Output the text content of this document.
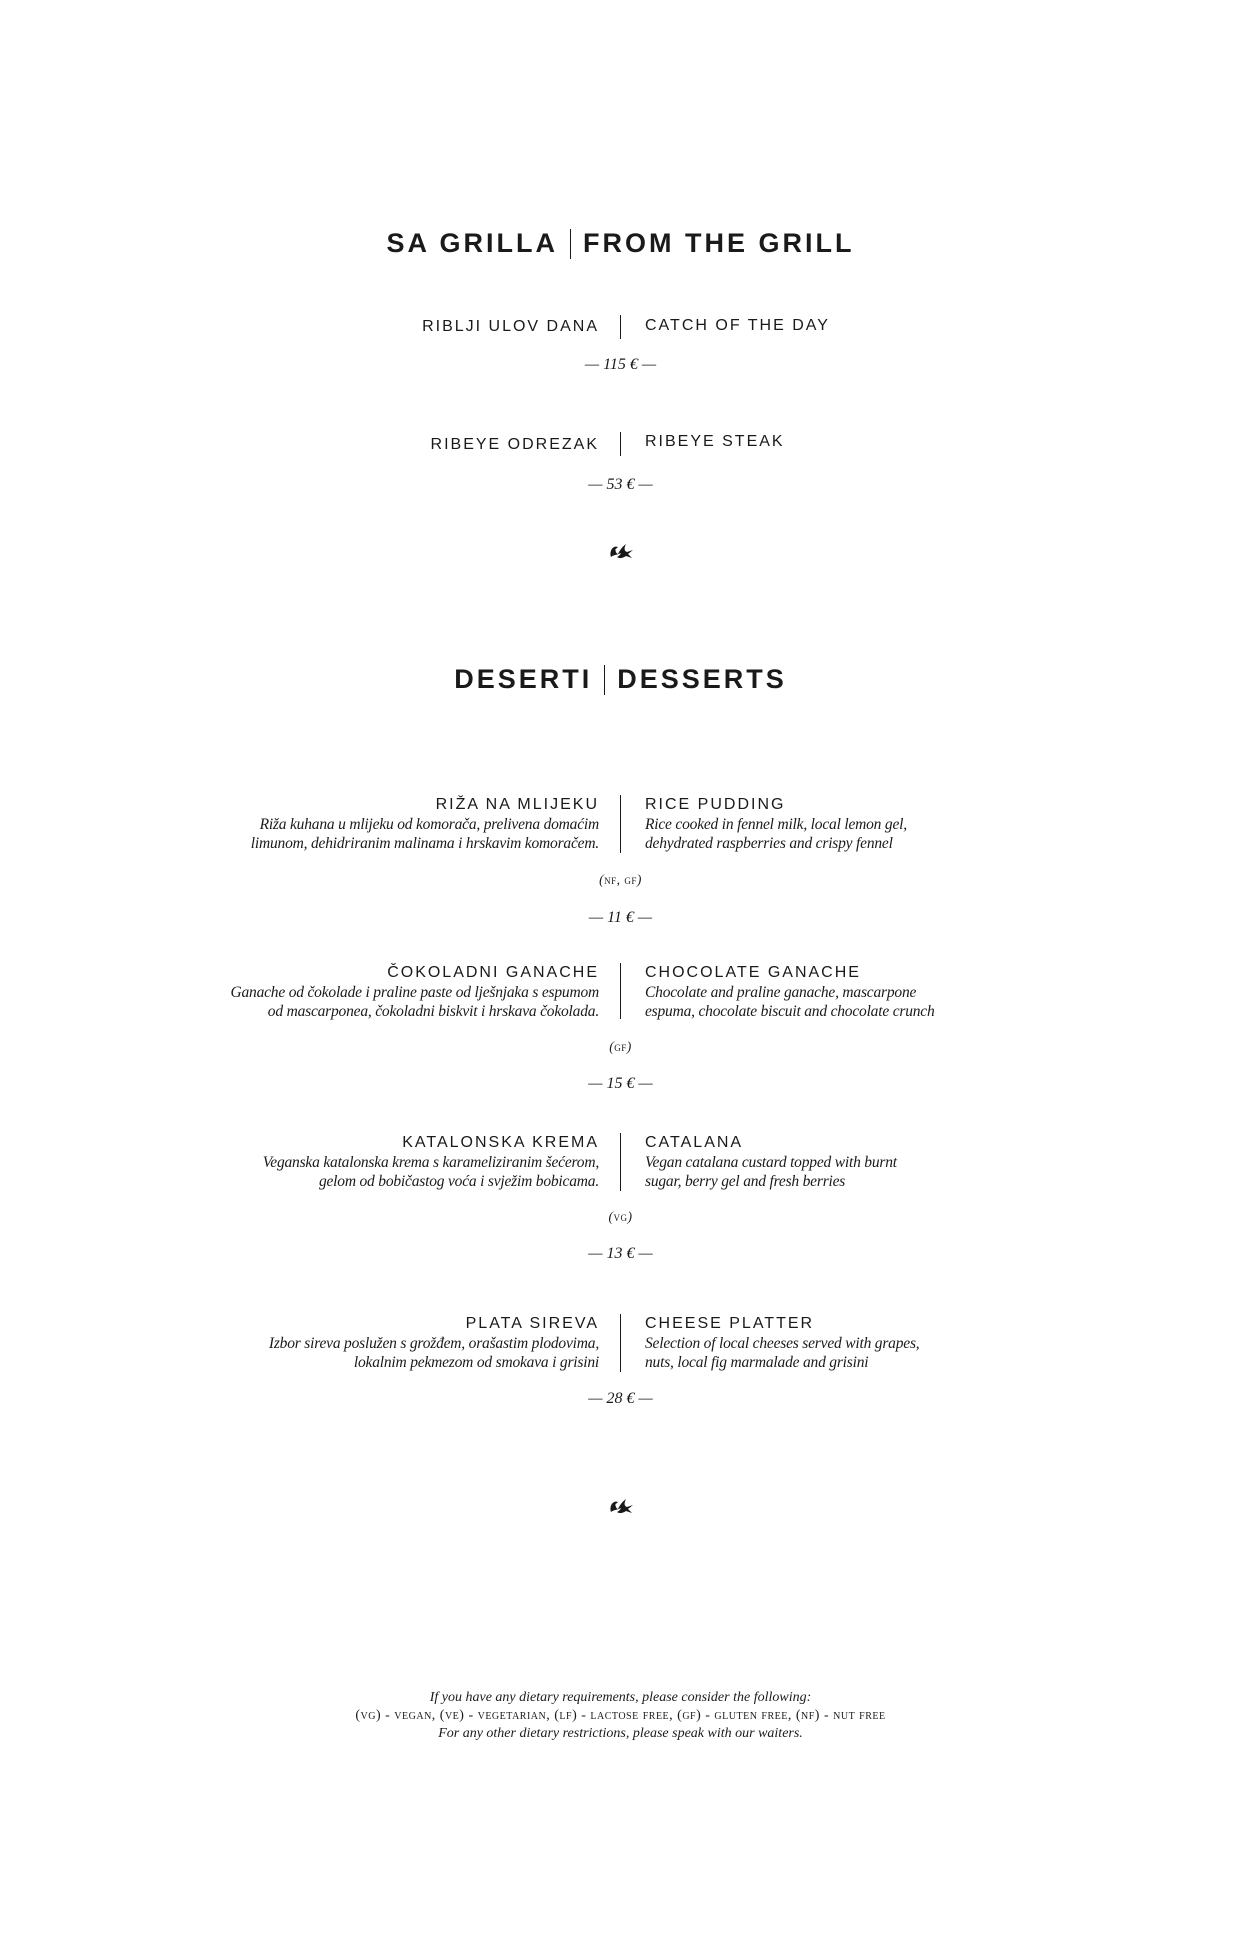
SA GRILLA FROM THE GRILL
RIBLJI ULOV DANA	CATCH OF THE DAY
— 115 € —
RIBEYE ODREZAK	RIBEYE STEAK
— 53 € —
DESERTI DESSERTS
RIŽA NA MLIJEKU
Riža kuhana u mlijeku od komorača, prelivena domaćim
limunom, dehidriranim malinama i hrskavim komoračem.
RICE PUDDING
Rice cooked in fennel milk, local lemon gel,
dehydrated raspberries and crispy fennel
(nf, gf)
— 11 € —
ČOKOLADNI GANACHE
Ganache od čokolade i praline paste od lješnjaka s espumom
od mascarponea, čokoladni biskvit i hrskava čokolada.
CHOCOLATE GANACHE
Chocolate and praline ganache, mascarpone
espuma, chocolate biscuit and chocolate crunch
(gf)
— 15 € —
KATALONSKA KREMA
Veganska katalonska krema s karameliziranim šećerom,
gelom od bobičastog voća i svježim bobicama.
CATALANA
Vegan catalana custard topped with burnt
sugar, berry gel and fresh berries
(vg)
— 13 € —
PLATA SIREVA
Izbor sireva poslužen s grožđem, orašastim plodovima,
lokalnim pekmezom od smokava i grisini
CHEESE PLATTER
Selection of local cheeses served with grapes,
nuts, local fig marmalade and grisini
— 28 € —
If you have any dietary requirements, please consider the following:
(vg) - vegan, (ve) - vegetarian, (lf) - lactose free, (gf) - gluten free, (nf) - nut free
For any other dietary restrictions, please speak with our waiters.
